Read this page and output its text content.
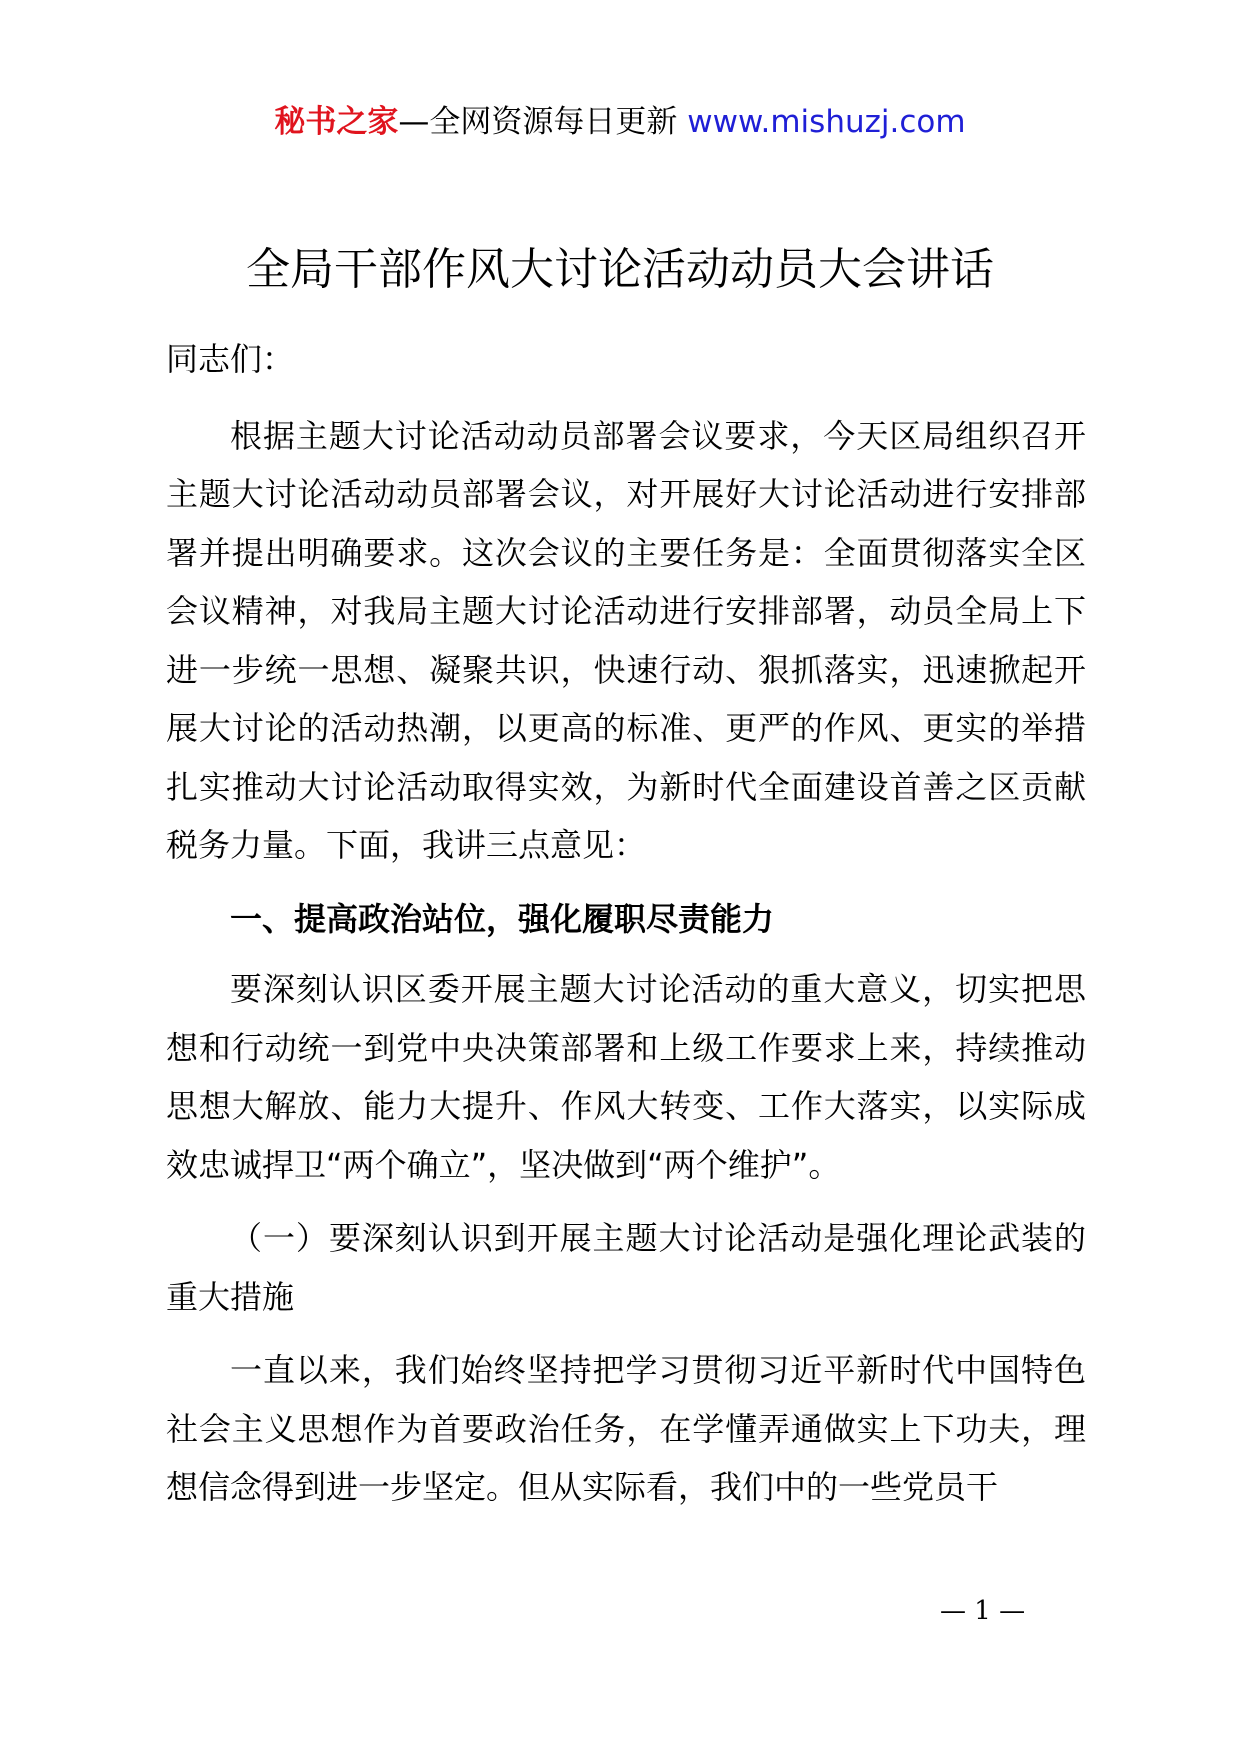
秘书之家—全网资源每日更新 www.mishuzj.com
全局干部作风大讨论活动动员大会讲话

同志们：

根据主题大讨论活动动员部署会议要求，今天区局组织召开主题大讨论活动动员部署会议，对开展好大讨论活动进行安排部署并提出明确要求。这次会议的主要任务是：全面贯彻落实全区会议精神，对我局主题大讨论活动进行安排部署，动员全局上下进一步统一思想、凝聚共识，快速行动、狠抓落实，迅速掀起开展大讨论的活动热潮，以更高的标准、更严的作风、更实的举措扎实推动大讨论活动取得实效，为新时代全面建设首善之区贡献税务力量。下面，我讲三点意见：

一、提高政治站位，强化履职尽责能力

要深刻认识区委开展主题大讨论活动的重大意义，切实把思想和行动统一到党中央决策部署和上级工作要求上来，持续推动思想大解放、能力大提升、作风大转变、工作大落实，以实际成效忠诚捍卫“两个确立”，坚决做到“两个维护”。

（一）要深刻认识到开展主题大讨论活动是强化理论武装的重大措施

一直以来，我们始终坚持把学习贯彻习近平新时代中国特色社会主义思想作为首要政治任务，在学懂弄通做实上下功夫，理想信念得到进一步坚定。但从实际看，我们中的一些党员干

— 1 —
